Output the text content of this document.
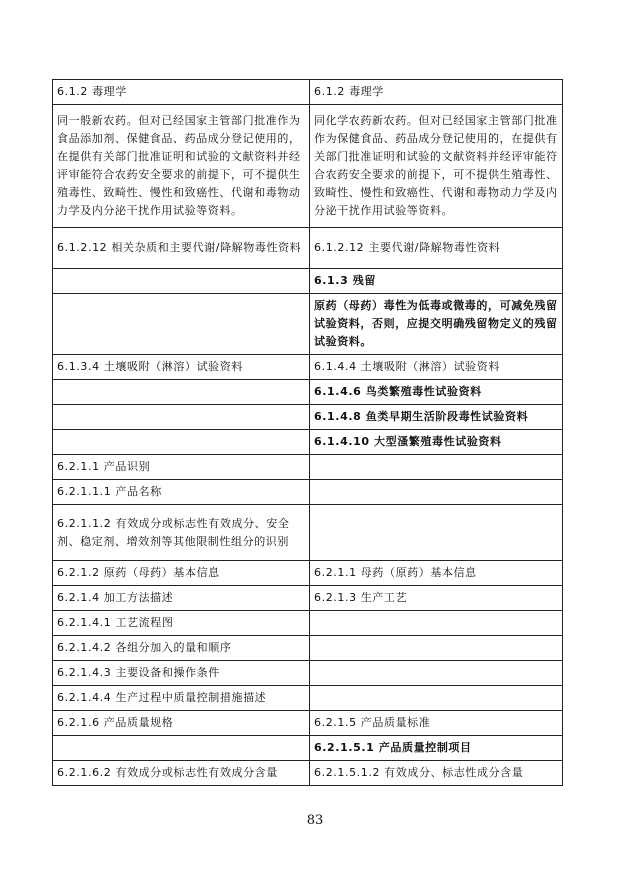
6.1.2 毒理学	6.1.2 毒理学
同一般新农药。但对已经国家主管部门批准作为食品添加剂、保健食品、药品成分登记使用的，在提供有关部门批准证明和试验的文献资料并经评审能符合农药安全要求的前提下，可不提供生殖毒性、致畸性、慢性和致癌性、代谢和毒物动力学及内分泌干扰作用试验等资料。	同化学农药新农药。但对已经国家主管部门批准作为保健食品、药品成分登记使用的，在提供有关部门批准证明和试验的文献资料并经评审能符合农药安全要求的前提下，可不提供生殖毒性、致畸性、慢性和致癌性、代谢和毒物动力学及内分泌干扰作用试验等资料。
6.1.2.12 相关杂质和主要代谢/降解物毒性资料	6.1.2.12 主要代谢/降解物毒性资料
	6.1.3 残留
	原药（母药）毒性为低毒或微毒的，可减免残留试验资料，否则，应提交明确残留物定义的残留试验资料。
6.1.3.4 土壤吸附（淋溶）试验资料	6.1.4.4 土壤吸附（淋溶）试验资料
	6.1.4.6 鸟类繁殖毒性试验资料
	6.1.4.8 鱼类早期生活阶段毒性试验资料
	6.1.4.10 大型溞繁殖毒性试验资料
6.2.1.1 产品识别	
6.2.1.1.1 产品名称	
6.2.1.1.2 有效成分或标志性有效成分、安全剂、稳定剂、增效剂等其他限制性组分的识别	
6.2.1.2 原药（母药）基本信息	6.2.1.1 母药（原药）基本信息
6.2.1.4 加工方法描述	6.2.1.3 生产工艺
6.2.1.4.1 工艺流程图	
6.2.1.4.2 各组分加入的量和顺序	
6.2.1.4.3 主要设备和操作条件	
6.2.1.4.4 生产过程中质量控制措施描述	
6.2.1.6 产品质量规格	6.2.1.5 产品质量标准
	6.2.1.5.1 产品质量控制项目
6.2.1.6.2 有效成分或标志性有效成分含量	6.2.1.5.1.2 有效成分、标志性成分含量
83
